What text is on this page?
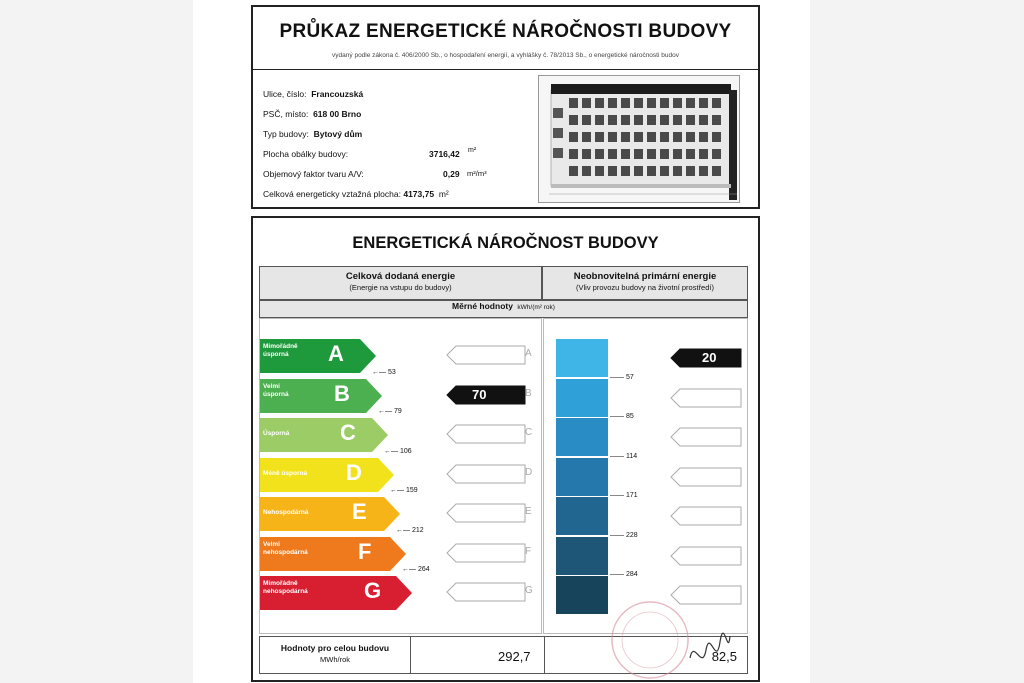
PRŮKAZ ENERGETICKÉ NÁROČNOSTI BUDOVY
vydaný podle zákona č. 406/2000 Sb., o hospodaření energií, a vyhlášky č. 78/2013 Sb., o energetické náročnosti budov
Ulice, číslo: Francouzská
PSČ, místo: 618 00 Brno
Typ budovy: Bytový dům
Plocha obálky budovy:	3716,42 m²
Objemový faktor tvaru A/V:	0,29 m²/m³
Celková energeticky vztažná plocha: 4173,75 m²
ENERGETICKÁ NÁROČNOST BUDOVY
Celková dodaná energie
(Energie na vstupu do budovy)
Neobnovitelná primární energie
(Vliv provozu budovy na životní prostředí)
Měrné hodnoty kWh/(m² rok)
Mimořádně
úsporná	A	A
Velmi
úsporná B	70	B
Úsporná C	C
Méně úsporná D	D
Nehospodárná E	E
Velmi
nehospodárná F	F
Mimořádně
nehospodárná	G	G
←— 53
←— 79
←— 106
←— 159
←— 212
←— 264
20
—— 57
—— 85
—— 114
—— 171
—— 228
—— 284
Hodnoty pro celou budovu
MWh/rok	292,7	82,5
